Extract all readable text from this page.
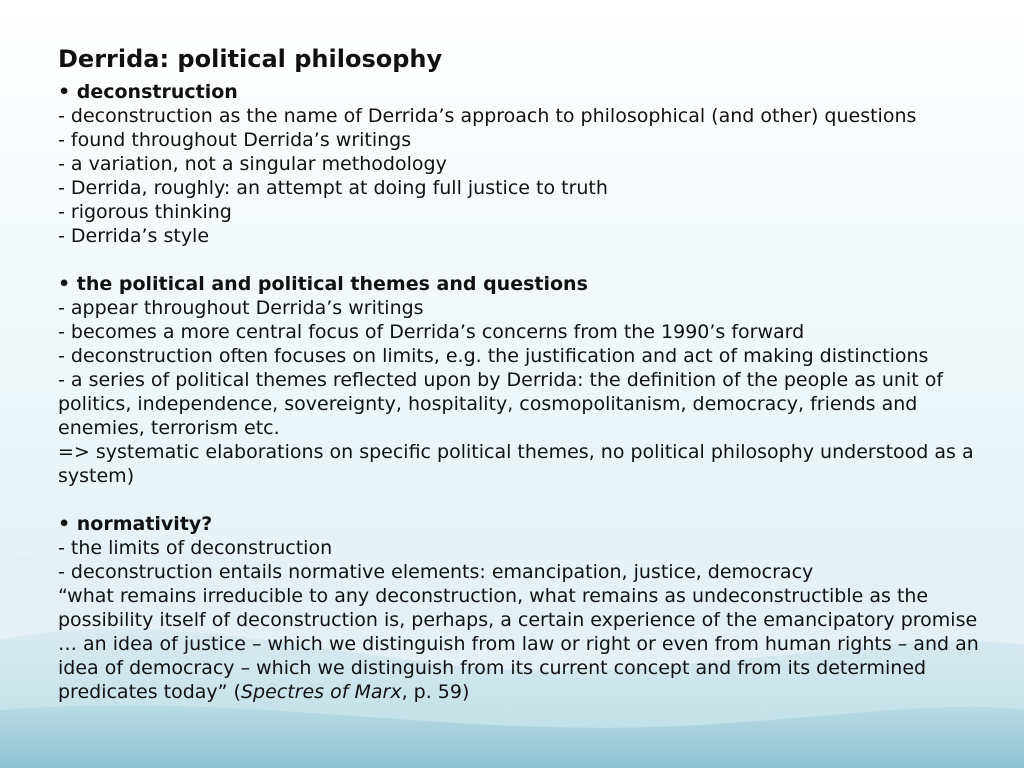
Derrida: political philosophy
• deconstruction
- deconstruction as the name of Derrida’s approach to philosophical (and other) questions
- found throughout Derrida’s writings
- a variation, not a singular methodology
- Derrida, roughly: an attempt at doing full justice to truth
- rigorous thinking
- Derrida’s style
• the political and political themes and questions
- appear throughout Derrida’s writings
- becomes a more central focus of Derrida’s concerns from the 1990’s forward
- deconstruction often focuses on limits, e.g. the justification and act of making distinctions
- a series of political themes reflected upon by Derrida: the definition of the people as unit of politics, independence, sovereignty, hospitality, cosmopolitanism, democracy, friends and enemies, terrorism etc.
=> systematic elaborations on specific political themes, no political philosophy understood as a system)
• normativity?
- the limits of deconstruction
- deconstruction entails normative elements: emancipation, justice, democracy
“what remains irreducible to any deconstruction, what remains as undeconstructible as the possibility itself of deconstruction is, perhaps, a certain experience of the emancipatory promise … an idea of justice – which we distinguish from law or right or even from human rights – and an idea of democracy – which we distinguish from its current concept and from its determined predicates today” (Spectres of Marx, p. 59)
